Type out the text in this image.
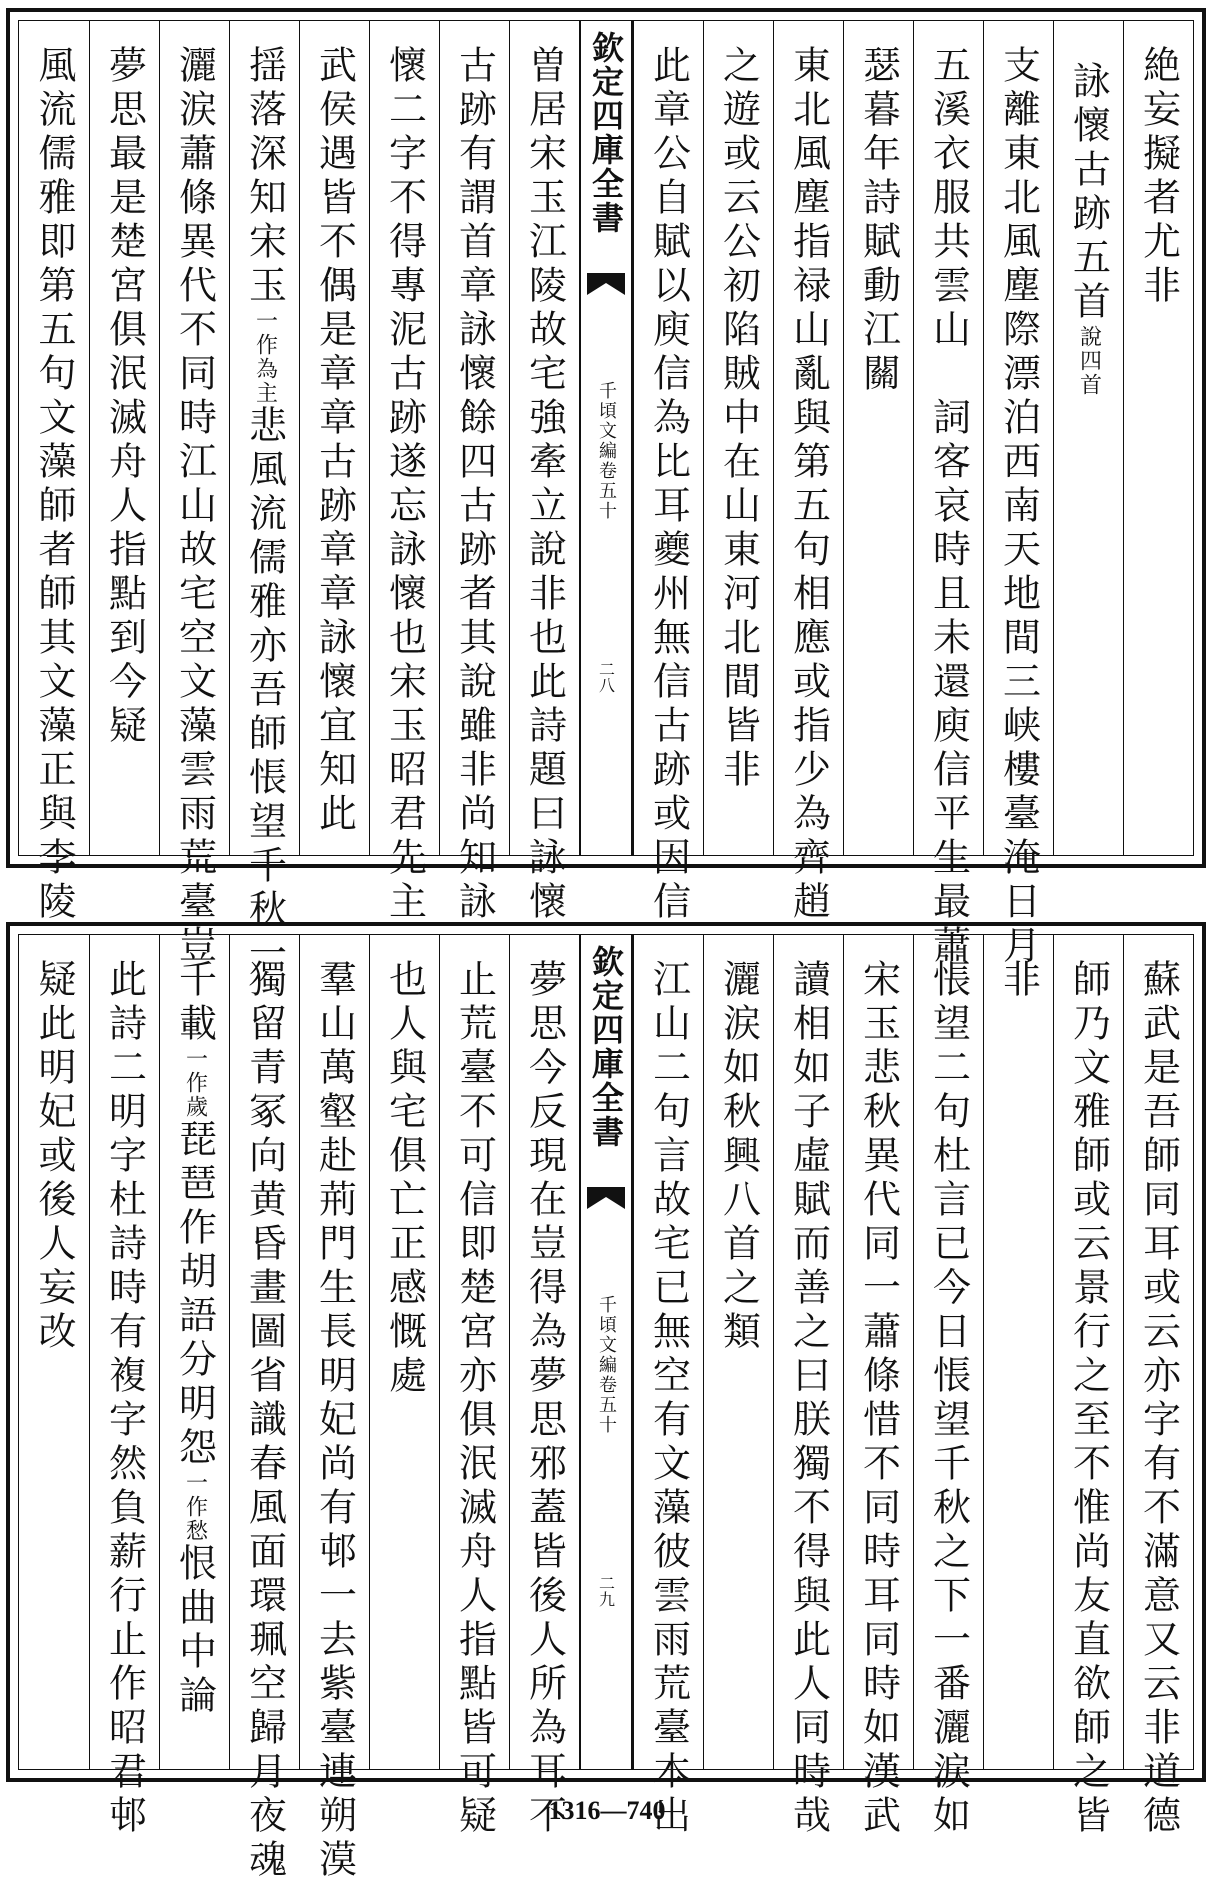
絶妄擬者尤非
詠懷古跡五首說四首
支離東北風塵際漂泊西南天地間三峡樓臺淹日月
五溪衣服共雲山　詞客哀時且未還庾信平生最蕭
瑟暮年詩賦動江關
東北風塵指禄山亂與第五句相應或指少為齊趙
之遊或云公初陷賊中在山東河北間皆非
此章公自賦以庾信為比耳夔州無信古跡或因信
欽定四庫全書
千頃文編卷五十
二八
曽居宋玉江陵故宅強牽立說非也此詩題曰詠懷
古跡有謂首章詠懷餘四古跡者其說雖非尚知詠
懷二字不得專泥古跡遂忘詠懷也宋玉昭君先主
武侯遇皆不偶是章章古跡章章詠懷宜知此
揺落深知宋玉一作為主悲風流儒雅亦吾師悵望千秋一
灑涙蕭條異代不同時江山故宅空文藻雲雨荒臺豈
夢思最是楚宮俱泯滅舟人指點到今疑
風流儒雅即第五句文藻師者師其文藻正與李陵
蘇武是吾師同耳或云亦字有不滿意又云非道德
師乃文雅師或云景行之至不惟尚友直欲師之皆
非
悵望二句杜言已今日悵望千秋之下一番灑涙如
宋玉悲秋異代同一蕭條惜不同時耳同時如漢武
讀相如子虛賦而善之曰朕獨不得與此人同時哉
灑涙如秋興八首之類
江山二句言故宅已無空有文藻彼雲雨荒臺本出
欽定四庫全書
千頃文編卷五十
二九
夢思今反現在豈得為夢思邪蓋皆後人所為耳不
止荒臺不可信即楚宮亦俱泯滅舟人指點皆可疑
也人與宅俱亡正感慨處
羣山萬壑赴荊門生長明妃尚有邨一去紫臺連朔漠
獨留青冢向黄昏畫圖省識春風面環珮空歸月夜魂
千載一作歲琵琶作胡語分明怨一作愁恨曲中論
此詩二明字杜詩時有複字然負薪行止作昭君邨
疑此明妃或後人妄改
1316—740
